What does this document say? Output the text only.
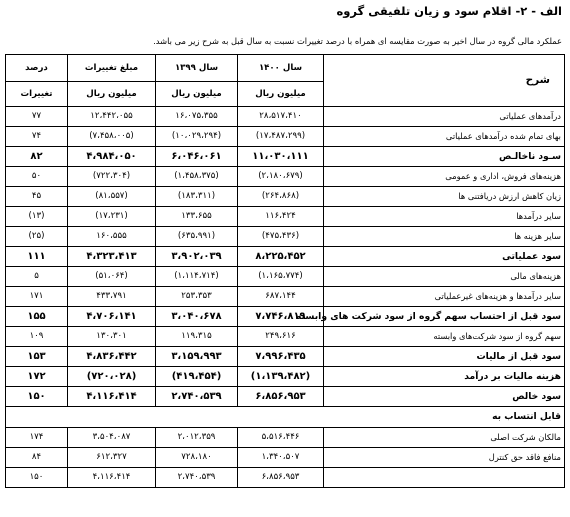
الف - ۲- اقلام سود و زیان تلفیقی گروه
عملکرد مالی گروه در سال اخیر به صورت مقایسه ای همراه با درصد تغییرات نسبت به سال قبل به شرح زیر می باشد.
درصد	مبلغ تغییرات	سال ۱۳۹۹	سال ۱۴۰۰	شرح
تغییرات	میلیون ریال	میلیون ریال	میلیون ریال	
۷۷	۱۲،۴۴۲،۰۵۵	۱۶،۰۷۵،۳۵۵	۲۸،۵۱۷،۴۱۰	درآمدهای عملیاتی
۷۴	(۷،۴۵۸،۰۰۵)	(۱۰،۰۲۹،۲۹۴)	(۱۷،۴۸۷،۲۹۹)	بهای تمام شده درآمدهای عملیاتی
۸۲	۴،۹۸۴،۰۵۰	۶،۰۴۶،۰۶۱	۱۱،۰۳۰،۱۱۱	سـود ناخالـص
۵۰	(۷۲۲،۳۰۴)	(۱،۴۵۸،۳۷۵)	(۲،۱۸۰،۶۷۹)	هزینه‌های فروش، اداری و عمومی
۴۵	(۸۱،۵۵۷)	(۱۸۳،۳۱۱)	(۲۶۴،۸۶۸)	زیان کاهش ارزش دریافتنی ها
(۱۳)	(۱۷،۲۳۱)	۱۳۳،۶۵۵	۱۱۶،۴۲۴	سایر درآمدها
(۲۵)	۱۶۰،۵۵۵	(۶۳۵،۹۹۱)	(۴۷۵،۴۳۶)	سایر هزینه ها
۱۱۱	۴،۳۲۳،۴۱۳	۳،۹۰۲،۰۳۹	۸،۲۲۵،۴۵۲	سود عملیاتی
۵	(۵۱،۰۶۴)	(۱،۱۱۴،۷۱۴)	(۱،۱۶۵،۷۷۴)	هزینه‌های مالی
۱۷۱	۴۳۳،۷۹۱	۲۵۳،۳۵۳	۶۸۷،۱۴۴	سایر درآمدها و هزینه‌های غیرعملیاتی
۱۵۵	۴،۷۰۶،۱۴۱	۳،۰۴۰،۶۷۸	۷،۷۴۶،۸۱۹	سود قبل از احتساب سهم گروه از سود شرکت های وابسته
۱۰۹	۱۳۰،۳۰۱	۱۱۹،۳۱۵	۲۴۹،۶۱۶	سهم گروه از سود شرکت‌های وابسته
۱۵۳	۴،۸۳۶،۴۴۲	۳،۱۵۹،۹۹۳	۷،۹۹۶،۴۳۵	سود قبل از مالیات
۱۷۲	(۷۲۰،۰۲۸)	(۴۱۹،۴۵۴)	(۱،۱۳۹،۴۸۲)	هزینه مالیات بر درآمد
۱۵۰	۴،۱۱۶،۴۱۴	۲،۷۴۰،۵۳۹	۶،۸۵۶،۹۵۳	سود خالص
قابل انتساب به				
۱۷۴	۳،۵۰۴،۰۸۷	۲،۰۱۲،۳۵۹	۵،۵۱۶،۴۴۶	مالکان شرکت اصلی
۸۴	۶۱۲،۳۲۷	۷۲۸،۱۸۰	۱،۳۴۰،۵۰۷	منافع فاقد حق کنترل
۱۵۰	۴،۱۱۶،۴۱۴	۲،۷۴۰،۵۳۹	۶،۸۵۶،۹۵۳	
